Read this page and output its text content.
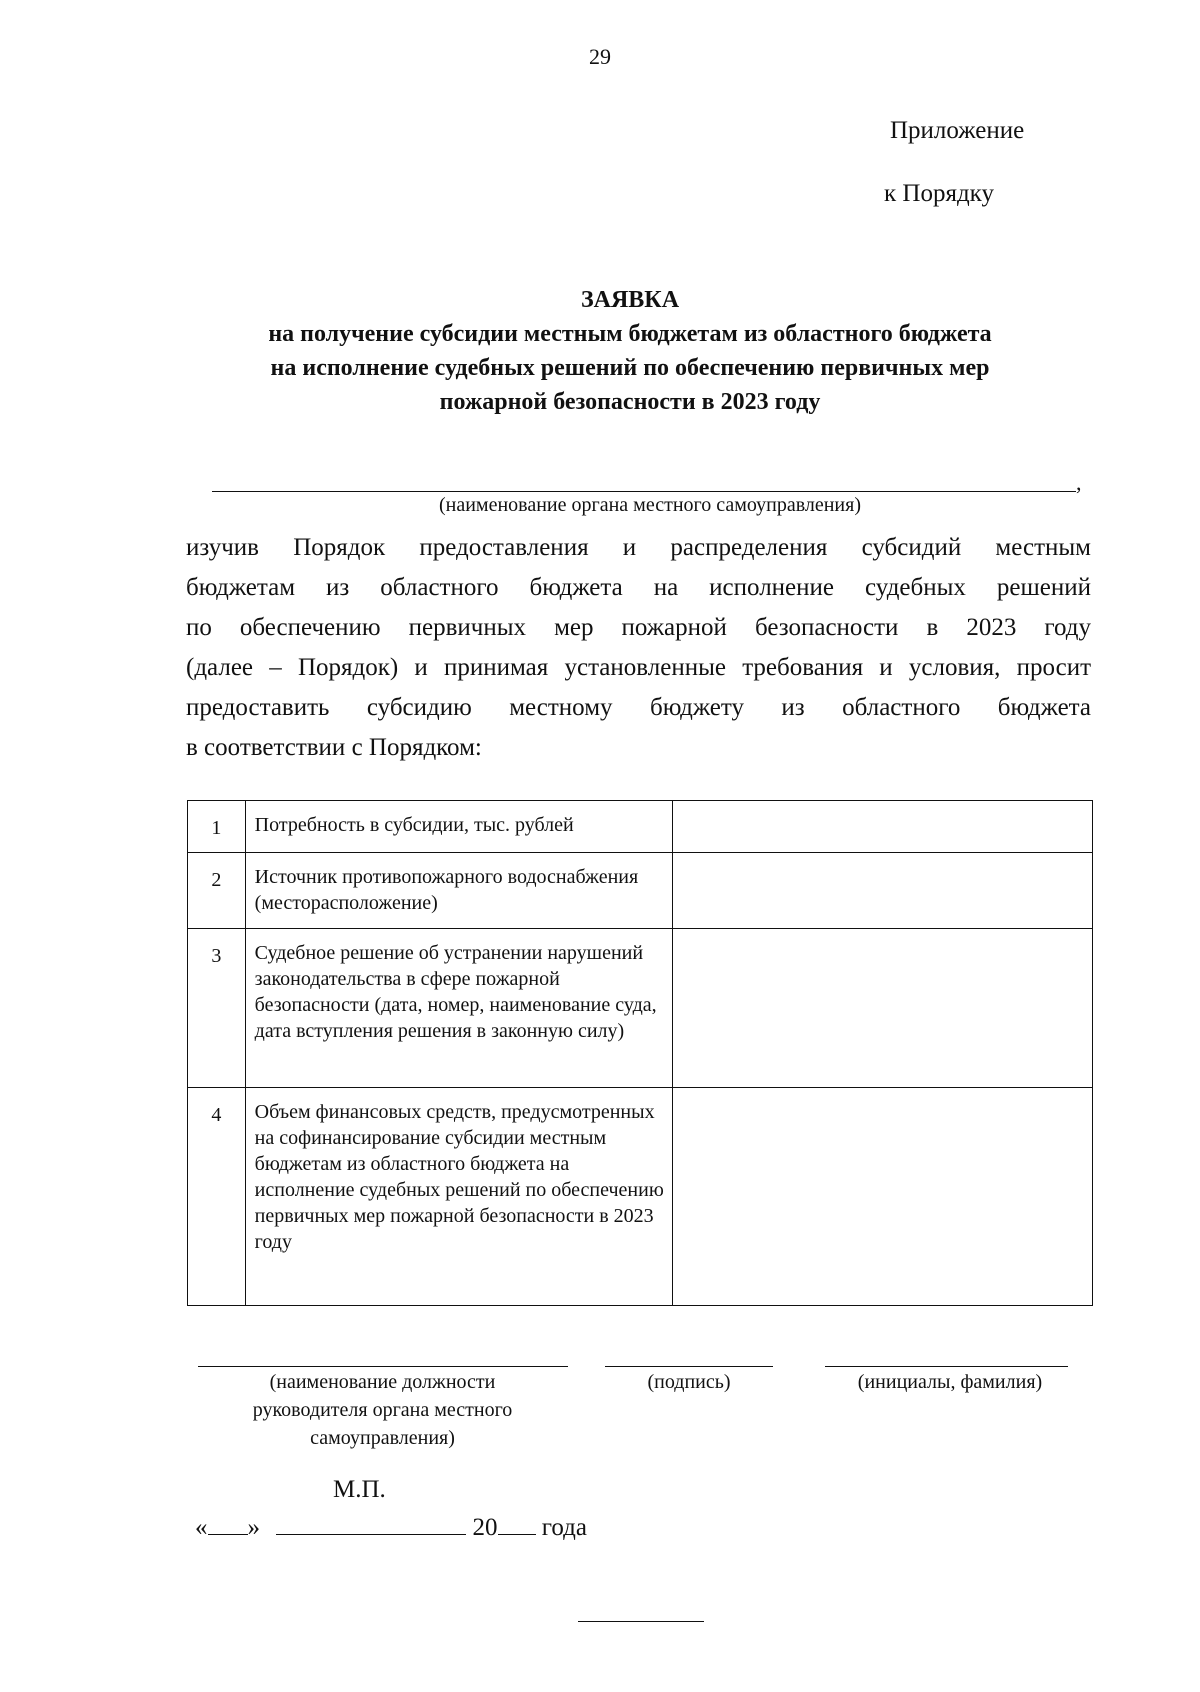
29
Приложение
к Порядку
ЗАЯВКА
на получение субсидии местным бюджетам из областного бюджета
на исполнение судебных решений по обеспечению первичных мер
пожарной безопасности в 2023 году
,
(наименование органа местного самоуправления)
изучив Порядок предоставления и распределения субсидий местным
бюджетам из областного бюджета на исполнение судебных решений
по обеспечению первичных мер пожарной безопасности в 2023 году
(далее – Порядок) и принимая установленные требования и условия, просит
предоставить субсидию местному бюджету из областного бюджета
в соответствии с Порядком:
1	Потребность в субсидии, тыс. рублей	
2	Источник противопожарного водоснабжения (месторасположение)	
3	Судебное решение об устранении нарушений законодательства в сфере пожарной безопасности (дата, номер, наименование суда, дата вступления решения в законную силу)	
4	Объем финансовых средств, предусмотренных на софинансирование субсидии местным бюджетам из областного бюджета на исполнение судебных решений по обеспечению первичных мер пожарной безопасности в 2023 году	
(наименование должности руководителя органа местного самоуправления)
(подпись)	(инициалы, фамилия)
М.П.
« »	20 года
